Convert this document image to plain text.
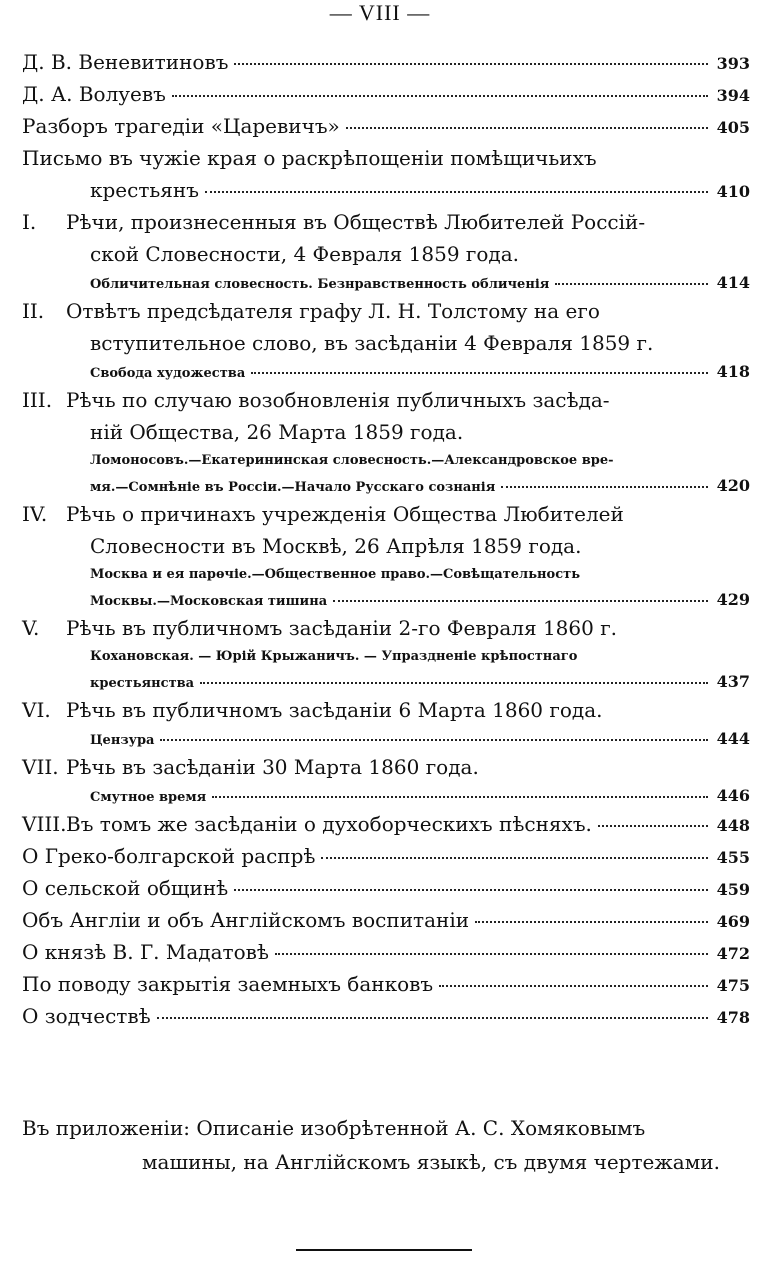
— VIII —
Д. В. Веневитиновъ	393
Д. А. Волуевъ	394
Разборъ трагедіи «Царевичъ»	405
Письмо въ чужіе края о раскрѣпощеніи помѣщичьихъ
крестьянъ	410
I.	Рѣчи, произнесенныя въ Обществѣ Любителей Россій-
ской Словесности, 4 Февраля 1859 года.
Обличительная словесность. Безнравственность обличенія	414
II.	Отвѣтъ предсѣдателя графу Л. Н. Толстому на его
вступительное слово, въ засѣданіи 4 Февраля 1859 г.
Свобода художества	418
III. Рѣчь по случаю возобновленія публичныхъ засѣда-
ній Общества, 26 Марта 1859 года.
Ломоносовъ.—Екатерининская словесность.—Александровское вре-
мя.—Сомнѣніе въ Россіи.—Начало Русскаго сознанія	420
IV. Рѣчь о причинахъ учрежденія Общества Любителей
Словесности въ Москвѣ, 26 Апрѣля 1859 года.
Москва и ея парѳчіе.—Общественное право.—Совѣщательность
Москвы.—Московская тишина	429
V.	Рѣчь въ публичномъ засѣданіи 2-го Февраля 1860 г.
Кохановская. — Юрій Крыжаничъ. — Упраздненіе крѣпостнаго
крестьянства	437
VI. Рѣчь въ публичномъ засѣданіи 6 Марта 1860 года.
Цензура	444
VII. Рѣчь въ засѣданіи 30 Марта 1860 года.
Смутное время	446
VIII. Въ томъ же засѣданіи о духоборческихъ пѣсняхъ.	448
О Греко-болгарской распрѣ	455
О сельской общинѣ	459
Объ Англіи и объ Англійскомъ воспитаніи	469
О князѣ В. Г. Мадатовѣ	472
По поводу закрытія заемныхъ банковъ	475
О зодчествѣ	478
Въ приложеніи: Описаніе изобрѣтенной А. С. Хомяковымъ
машины, на Англійскомъ языкѣ, съ двумя чертежами.
